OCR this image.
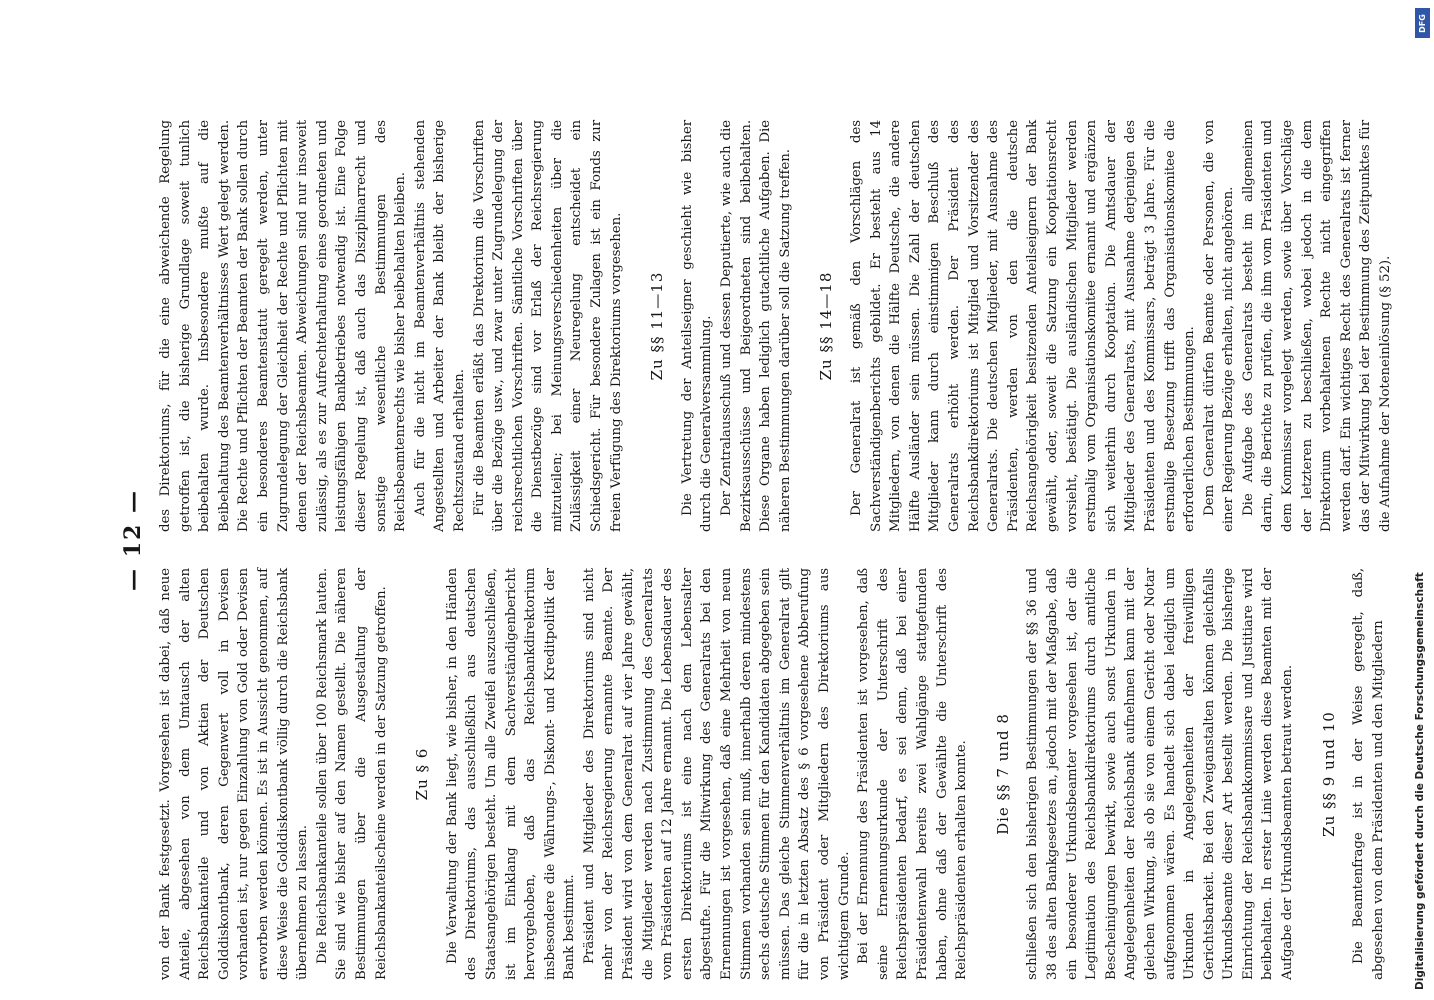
— 12 —

von der Bank festgesetzt. Vorgesehen ist dabei, daß neue Anteile, abgesehen von dem Umtausch der alten Reichsbankanteile und von Aktien der Deutschen Golddiskontbank, deren Gegenwert voll in Devisen vorhanden ist, nur gegen Einzahlung von Gold oder Devisen erworben werden können. Es ist in Aussicht genommen, auf diese Weise die Golddiskontbank völlig durch die Reichsbank übernehmen zu lassen. Die Reichsbankanteile sollen über 100 Reichsmark lauten. Sie sind wie bisher auf den Namen gestellt. Die näheren Bestimmungen über die Ausgestaltung der Reichsbankanteilscheine werden in der Satzung getroffen. Zu § 6 Die Verwaltung der Bank liegt, wie bisher, in den Händen des Direktoriums, das ausschließlich aus deutschen Staatsangehörigen besteht. Um alle Zweifel auszuschließen, ist im Einklang mit dem Sachverständigenbericht hervorgehoben, daß das Reichsbankdirektorium insbesondere die Währungs-, Diskont- und Kreditpolitik der Bank bestimmt. Präsident und Mitglieder des Direktoriums sind nicht mehr von der Reichsregierung ernannte Beamte. Der Präsident wird von dem Generalrat auf vier Jahre gewählt, die Mitglieder werden nach Zustimmung des Generalrats vom Präsidenten auf 12 Jahre ernannt. Die Lebensdauer des ersten Direktoriums ist eine nach dem Lebensalter abgestufte. Für die Mitwirkung des Generalrats bei den Ernennungen ist vorgesehen, daß eine Mehrheit von neun Stimmen vorhanden sein muß, innerhalb deren mindestens sechs deutsche Stimmen für den Kandidaten abgegeben sein müssen. Das gleiche Stimmenverhältnis im Generalrat gilt für die in letzten Absatz des § 6 vorgesehene Abberufung von Präsident oder Mitgliedern des Direktoriums aus wichtigem Grunde. Bei der Ernennung des Präsidenten ist vorgesehen, daß seine Ernennungsurkunde der Unterschrift des Reichspräsidenten bedarf, es sei denn, daß bei einer Präsidentenwahl bereits zwei Wahlgänge stattgefunden haben, ohne daß der Gewählte die Unterschrift des Reichspräsidenten erhalten konnte. Die §§ 7 und 8 schließen sich den bisherigen Bestimmungen der §§ 36 und 38 des alten Bankgesetzes an, jedoch mit der Maßgabe, daß ein besonderer Urkundsbeamter vorgesehen ist, der die Legitimation des Reichsbankdirektoriums durch amtliche Bescheinigungen bewirkt, sowie auch sonst Urkunden in Angelegenheiten der Reichsbank aufnehmen kann mit der gleichen Wirkung, als ob sie von einem Gericht oder Notar aufgenommen wären. Es handelt sich dabei lediglich um Urkunden in Angelegenheiten der freiwilligen Gerichtsbarkeit. Bei den Zweiganstalten können gleichfalls Urkundsbeamte dieser Art bestellt werden. Die bisherige Einrichtung der Reichsbankkommissare und Justitiare wird beibehalten. In erster Linie werden diese Beamten mit der Aufgabe der Urkundsbeamten betraut werden. Zu §§ 9 und 10 Die Beamtenfrage ist in der Weise geregelt, daß, abgesehen von dem Präsidenten und den Mitgliedern

des Direktoriums, für die eine abweichende Regelung getroffen ist, die bisherige Grundlage soweit tunlich beibehalten wurde. Insbesondere mußte auf die Beibehaltung des Beamtenverhältnisses Wert gelegt werden. Die Rechte und Pflichten der Beamten der Bank sollen durch ein besonderes Beamtenstatut geregelt werden, unter Zugrundelegung der Gleichheit der Rechte und Pflichten mit denen der Reichsbeamten. Abweichungen sind nur insoweit zulässig, als es zur Aufrechterhaltung eines geordneten und leistungsfähigen Bankbetriebes notwendig ist. Eine Folge dieser Regelung ist, daß auch das Disziplinarrecht und sonstige wesentliche Bestimmungen des Reichsbeamtenrechts wie bisher beibehalten bleiben. Auch für die nicht im Beamtenverhältnis stehenden Angestellten und Arbeiter der Bank bleibt der bisherige Rechtszustand erhalten. Für die Beamten erläßt das Direktorium die Vorschriften über die Bezüge usw., und zwar unter Zugrundelegung der reichsrechtlichen Vorschriften. Sämtliche Vorschriften über die Dienstbezüge sind vor Erlaß der Reichsregierung mitzuteilen; bei Meinungsverschiedenheiten über die Zulässigkeit einer Neuregelung entscheidet ein Schiedsgericht. Für besondere Zulagen ist ein Fonds zur freien Verfügung des Direktoriums vorgesehen. Zu §§ 11—13 Die Vertretung der Anteilseigner geschieht wie bisher durch die Generalversammlung. Der Zentralausschuß und dessen Deputierte, wie auch die Bezirksausschüsse und Beigeordneten sind beibehalten. Diese Organe haben lediglich gutachtliche Aufgaben. Die näheren Bestimmungen darüber soll die Satzung treffen. Zu §§ 14—18 Der Generalrat ist gemäß den Vorschlägen des Sachverständigenberichts gebildet. Er besteht aus 14 Mitgliedern, von denen die Hälfte Deutsche, die andere Hälfte Ausländer sein müssen. Die Zahl der deutschen Mitglieder kann durch einstimmigen Beschluß des Generalrats erhöht werden. Der Präsident des Reichsbankdirektoriums ist Mitglied und Vorsitzender des Generalrats. Die deutschen Mitglieder, mit Ausnahme des Präsidenten, werden von den die deutsche Reichsangehörigkeit besitzenden Anteilseignern der Bank gewählt, oder, soweit die Satzung ein Kooptationsrecht vorsieht, bestätigt. Die ausländischen Mitglieder werden erstmalig vom Organisationskomitee ernannt und ergänzen sich weiterhin durch Kooptation. Die Amtsdauer der Mitglieder des Generalrats, mit Ausnahme derjenigen des Präsidenten und des Kommissars, beträgt 3 Jahre. Für die erstmalige Besetzung trifft das Organisationskomitee die erforderlichen Bestimmungen. Dem Generalrat dürfen Beamte oder Personen, die von einer Regierung Bezüge erhalten, nicht angehören. Die Aufgabe des Generalrats besteht im allgemeinen darin, die Berichte zu prüfen, die ihm vom Präsidenten und dem Kommissar vorgelegt werden, sowie über Vorschläge der letzteren zu beschließen, wobei jedoch in die dem Direktorium vorbehaltenen Rechte nicht eingegriffen werden darf. Ein wichtiges Recht des Generalrats ist ferner das der Mitwirkung bei der Bestimmung des Zeitpunktes für die Aufnahme der Noteneinlösung (§ 52).

DFG
Digitalisierung gefördert durch die Deutsche Forschungsgemeinschaft
